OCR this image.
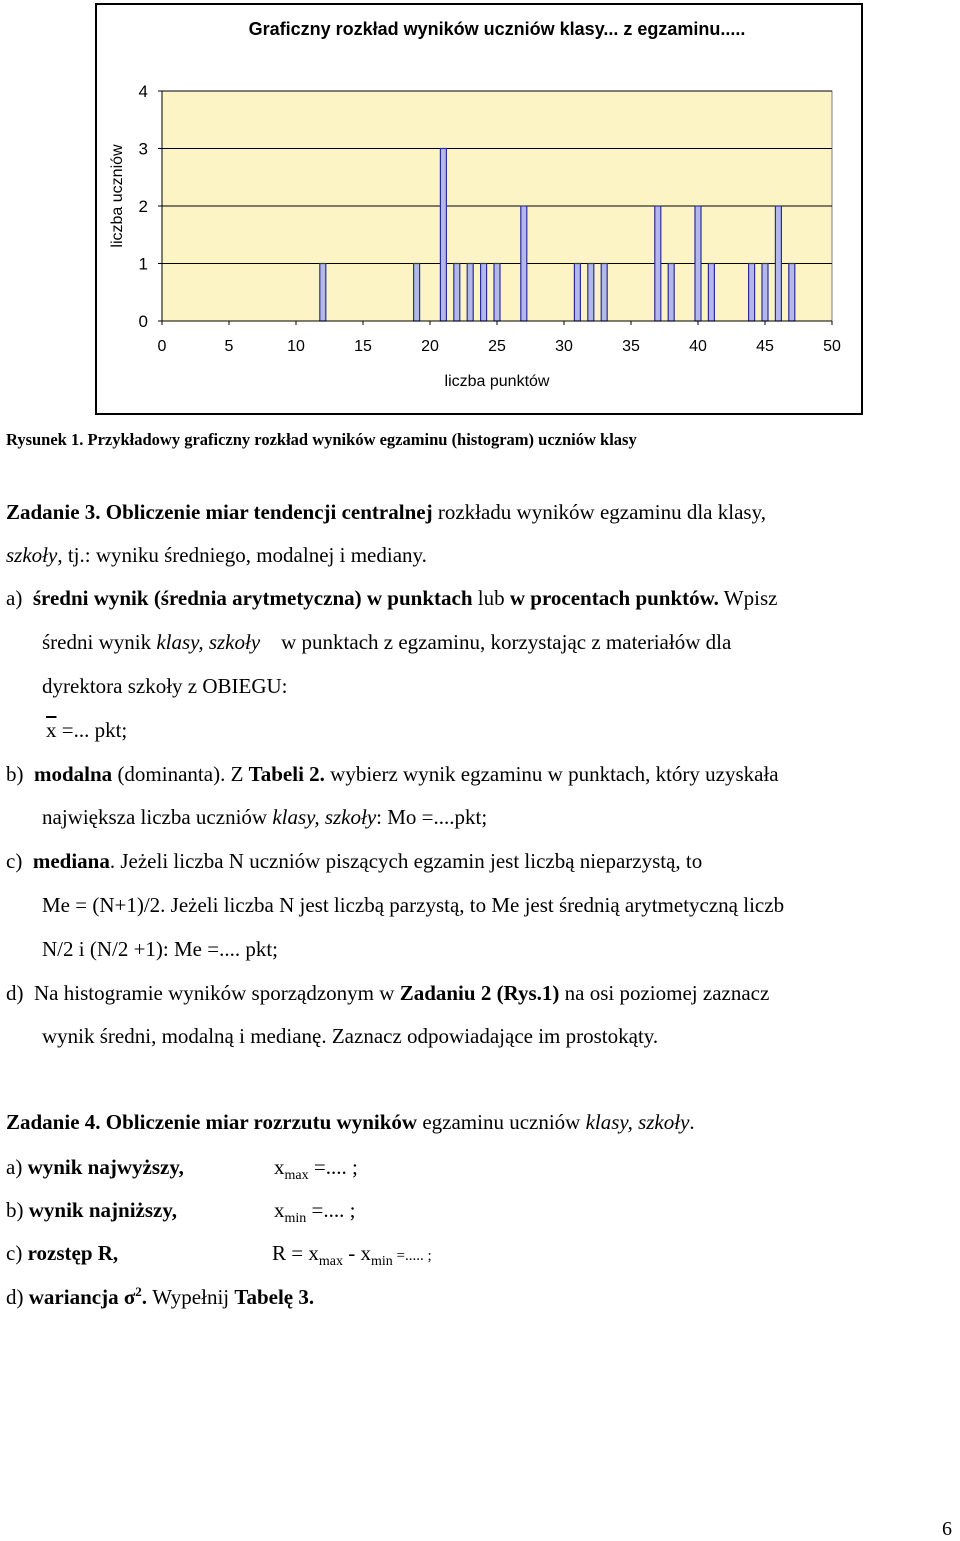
0
1
2
3
4
0	5	10	15	20	25	30	35	40	45	50
Graficzny rozkład wyników uczniów klasy... z egzaminu.....
liczba punktów
liczba uczniów
Rysunek 1. Przykładowy graficzny rozkład wyników egzaminu (histogram) uczniów klasy
Zadanie 3. Obliczenie miar tendencji centralnej rozkładu wyników egzaminu dla klasy,
szkoły, tj.: wyniku średniego, modalnej i mediany.
a) średni wynik (średnia arytmetyczna) w punktach lub w procentach punktów. Wpisz
średni wynik klasy, szkoły w punktach z egzaminu, korzystając z materiałów dla
dyrektora szkoły z OBIEGU:
$\overline{x}$ =... pkt;
b) modalna (dominanta). Z Tabeli 2. wybierz wynik egzaminu w punktach, który uzyskała
największa liczba uczniów klasy, szkoły: Mo =....pkt;
c) mediana. Jeżeli liczba N uczniów piszących egzamin jest liczbą nieparzystą, to
Me = (N+1)/2. Jeżeli liczba N jest liczbą parzystą, to Me jest średnią arytmetyczną liczb
N/2 i (N/2 +1): Me =.... pkt;
d) Na histogramie wyników sporządzonym w Zadaniu 2 (Rys.1) na osi poziomej zaznacz
wynik średni, modalną i medianę. Zaznacz odpowiadające im prostokąty.
Zadanie 4. Obliczenie miar rozrzutu wyników egzaminu uczniów klasy, szkoły.
a) wynik najwyższy,	$x_{max}$ =.... ;
b) wynik najniższy,	$x_{min}$ =.... ;
c) rozstęp R,	$R = x_{max} - x_{min}$ =..... ;
d) wariancja $\sigma^2$. Wypełnij Tabelę 3.
6
